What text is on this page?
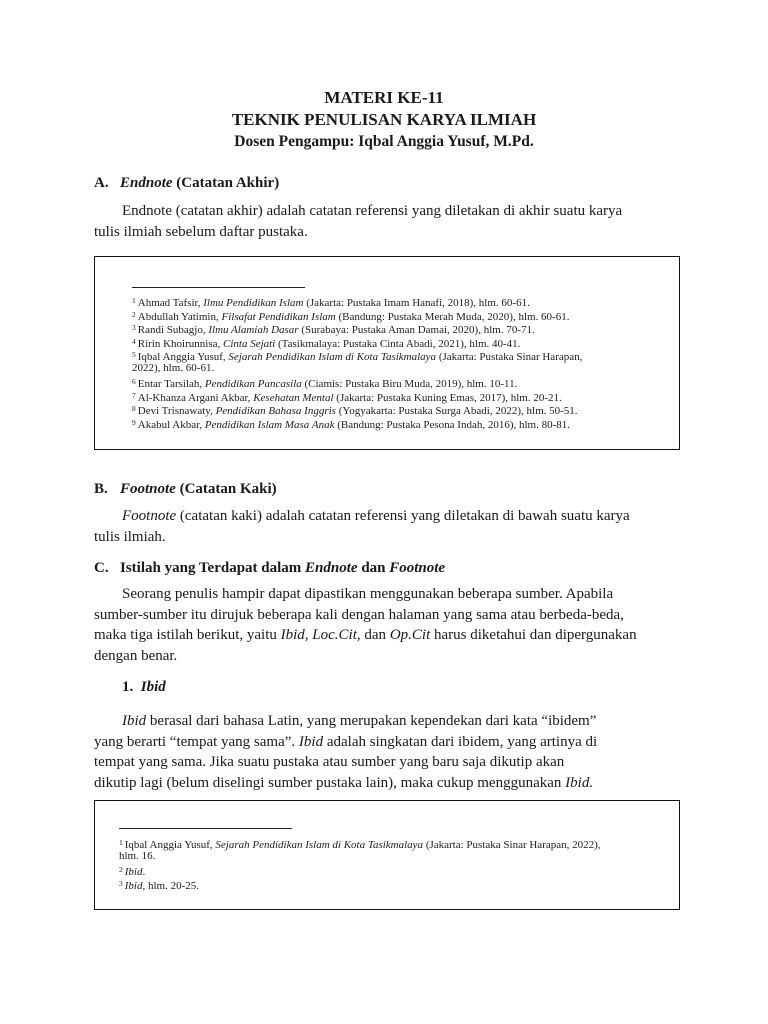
MATERI KE-11
TEKNIK PENULISAN KARYA ILMIAH
Dosen Pengampu: Iqbal Anggia Yusuf, M.Pd.
A. Endnote (Catatan Akhir)
Endnote (catatan akhir) adalah catatan referensi yang diletakan di akhir suatu karya
tulis ilmiah sebelum daftar pustaka.
$^1$ Ahmad Tafsir, Ilmu Pendidikan Islam (Jakarta: Pustaka Imam Hanafi, 2018), hlm. 60-61.
$^2$ Abdullah Yatimin, Filsafat Pendidikan Islam (Bandung: Pustaka Merah Muda, 2020), hlm. 60-61.
$^3$ Randi Subagjo, Ilmu Alamiah Dasar (Surabaya: Pustaka Aman Damai, 2020), hlm. 70-71.
$^4$ Ririn Khoirunnisa, Cinta Sejati (Tasikmalaya: Pustaka Cinta Abadi, 2021), hlm. 40-41.
$^5$ Iqbal Anggia Yusuf, Sejarah Pendidikan Islam di Kota Tasikmalaya (Jakarta: Pustaka Sinar Harapan,
2022), hlm. 60-61.
$^6$ Entar Tarsilah, Pendidikan Pancasila (Ciamis: Pustaka Biru Muda, 2019), hlm. 10-11.
$^7$ Al-Khanza Argani Akbar, Kesehatan Mental (Jakarta: Pustaka Kuning Emas, 2017), hlm. 20-21.
$^8$ Devi Trisnawaty, Pendidikan Bahasa Inggris (Yogyakarta: Pustaka Surga Abadi, 2022), hlm. 50-51.
$^9$ Akabul Akbar, Pendidikan Islam Masa Anak (Bandung: Pustaka Pesona Indah, 2016), hlm. 80-81.
B. Footnote (Catatan Kaki)
Footnote (catatan kaki) adalah catatan referensi yang diletakan di bawah suatu karya
tulis ilmiah.
C. Istilah yang Terdapat dalam Endnote dan Footnote
Seorang penulis hampir dapat dipastikan menggunakan beberapa sumber. Apabila
sumber-sumber itu dirujuk beberapa kali dengan halaman yang sama atau berbeda-beda,
maka tiga istilah berikut, yaitu Ibid, Loc.Cit, dan Op.Cit harus diketahui dan dipergunakan
dengan benar.
1. Ibid
Ibid berasal dari bahasa Latin, yang merupakan kependekan dari kata “ibidem”
yang berarti “tempat yang sama”. Ibid adalah singkatan dari ibidem, yang artinya di
tempat yang sama. Jika suatu pustaka atau sumber yang baru saja dikutip akan
dikutip lagi (belum diselingi sumber pustaka lain), maka cukup menggunakan Ibid.
$^1$ Iqbal Anggia Yusuf, Sejarah Pendidikan Islam di Kota Tasikmalaya (Jakarta: Pustaka Sinar Harapan, 2022),
hlm. 16.
$^2$ Ibid.
$^3$ Ibid, hlm. 20-25.
